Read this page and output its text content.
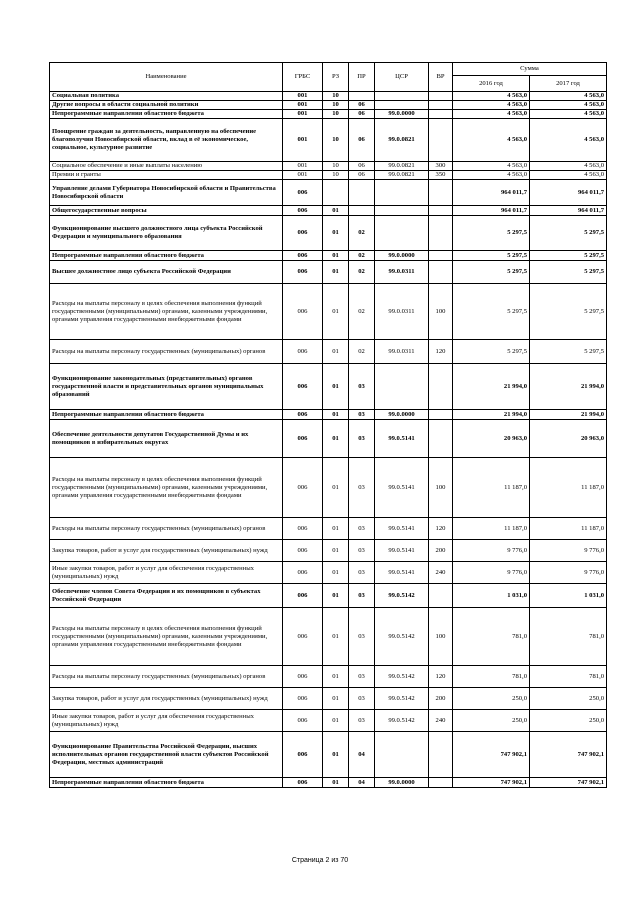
Наименование	ГРБС	РЗ	ПР	ЦСР	ВР	Сумма	
						2016 год	2017 год
Социальная политика	001	10				4 563,0	4 563,0
Другие вопросы в области социальной политики	001	10	06			4 563,0	4 563,0
Непрограммные направления областного бюджета	001	10	06	99.0.0000		4 563,0	4 563,0
Поощрение граждан за деятельность, направленную на обеспечение благополучия Новосибирской области, вклад в её экономическое, социальное, культурное развитие	001	10	06	99.0.0821		4 563,0	4 563,0
Социальное обеспечение и иные выплаты населению	001	10	06	99.0.0821	300	4 563,0	4 563,0
Премии и гранты	001	10	06	99.0.0821	350	4 563,0	4 563,0
Управление делами Губернатора Новосибирской области и Правительства Новосибирской области	006					964 011,7	964 011,7
Общегосударственные вопросы	006	01				964 011,7	964 011,7
Функционирование высшего должностного лица субъекта Российской Федерации и муниципального образования	006	01	02			5 297,5	5 297,5
Непрограммные направления областного бюджета	006	01	02	99.0.0000		5 297,5	5 297,5
Высшее должностное лицо субъекта Российской Федерации	006	01	02	99.0.0311		5 297,5	5 297,5
Расходы на выплаты персоналу в целях обеспечения выполнения функций государственными (муниципальными) органами, казенными учреждениями, органами управления государственными внебюджетными фондами	006	01	02	99.0.0311	100	5 297,5	5 297,5
Расходы на выплаты персоналу государственных (муниципальных) органов	006	01	02	99.0.0311	120	5 297,5	5 297,5
Функционирование законодательных (представительных) органов государственной власти и представительных органов муниципальных образований	006	01	03			21 994,0	21 994,0
Непрограммные направления областного бюджета	006	01	03	99.0.0000		21 994,0	21 994,0
Обеспечение деятельности депутатов Государственной Думы и их помощников в избирательных округах	006	01	03	99.0.5141		20 963,0	20 963,0
Расходы на выплаты персоналу в целях обеспечения выполнения функций государственными (муниципальными) органами, казенными учреждениями, органами управления государственными внебюджетными фондами	006	01	03	99.0.5141	100	11 187,0	11 187,0
Расходы на выплаты персоналу государственных (муниципальных) органов	006	01	03	99.0.5141	120	11 187,0	11 187,0
Закупка товаров, работ и услуг для государственных (муниципальных) нужд	006	01	03	99.0.5141	200	9 776,0	9 776,0
Иные закупки товаров, работ и услуг для обеспечения государственных (муниципальных) нужд	006	01	03	99.0.5141	240	9 776,0	9 776,0
Обеспечение членов Совета Федерации и их помощников в субъектах Российской Федерации	006	01	03	99.0.5142		1 031,0	1 031,0
Расходы на выплаты персоналу в целях обеспечения выполнения функций государственными (муниципальными) органами, казенными учреждениями, органами управления государственными внебюджетными фондами	006	01	03	99.0.5142	100	781,0	781,0
Расходы на выплаты персоналу государственных (муниципальных) органов	006	01	03	99.0.5142	120	781,0	781,0
Закупка товаров, работ и услуг для государственных (муниципальных) нужд	006	01	03	99.0.5142	200	250,0	250,0
Иные закупки товаров, работ и услуг для обеспечения государственных (муниципальных) нужд	006	01	03	99.0.5142	240	250,0	250,0
Функционирование Правительства Российской Федерации, высших исполнительных органов государственной власти субъектов Российской Федерации, местных администраций	006	01	04			747 902,1	747 902,1
Непрограммные направления областного бюджета	006	01	04	99.0.0000		747 902,1	747 902,1
Страница 2 из 70
